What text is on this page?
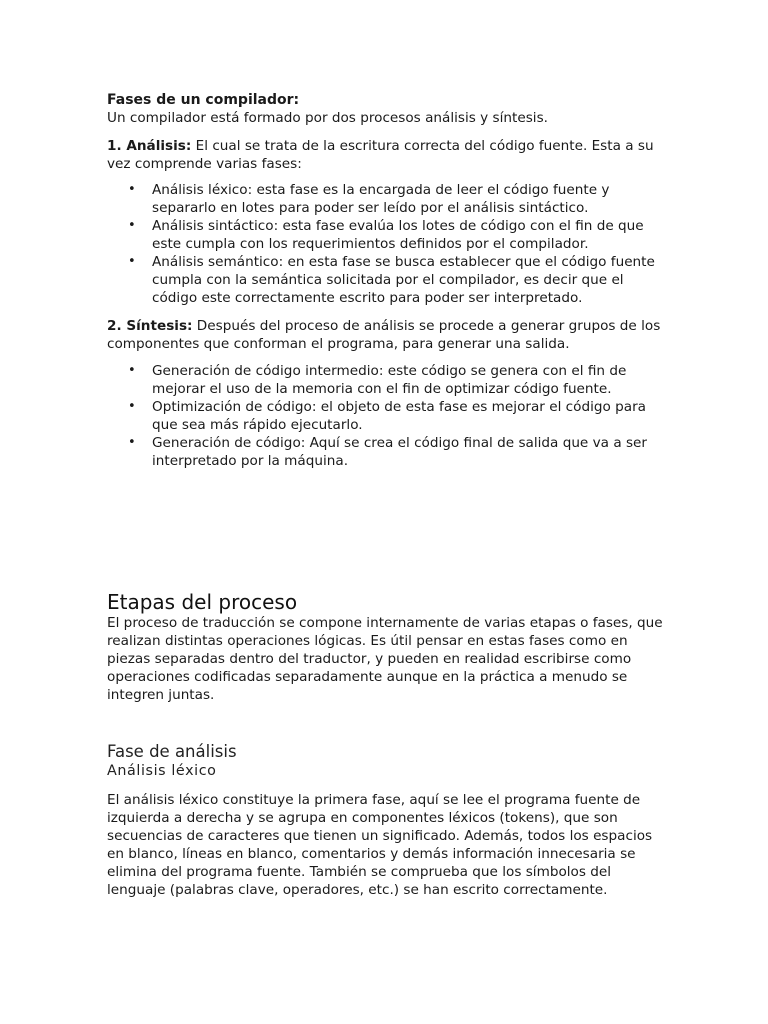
Fases de un compilador:

Un compilador está formado por dos procesos análisis y síntesis.

1. Análisis: El cual se trata de la escritura correcta del código fuente. Esta a su vez comprende varias fases:

• Análisis léxico: esta fase es la encargada de leer el código fuente y separarlo en lotes para poder ser leído por el análisis sintáctico.
• Análisis sintáctico: esta fase evalúa los lotes de código con el fin de que este cumpla con los requerimientos definidos por el compilador.
• Análisis semántico: en esta fase se busca establecer que el código fuente cumpla con la semántica solicitada por el compilador, es decir que el código este correctamente escrito para poder ser interpretado.

2. Síntesis: Después del proceso de análisis se procede a generar grupos de los componentes que conforman el programa, para generar una salida.

• Generación de código intermedio: este código se genera con el fin de mejorar el uso de la memoria con el fin de optimizar código fuente.
• Optimización de código: el objeto de esta fase es mejorar el código para que sea más rápido ejecutarlo.
• Generación de código: Aquí se crea el código final de salida que va a ser interpretado por la máquina.

Etapas del proceso

El proceso de traducción se compone internamente de varias etapas o fases, que realizan distintas operaciones lógicas. Es útil pensar en estas fases como en piezas separadas dentro del traductor, y pueden en realidad escribirse como operaciones codificadas separadamente aunque en la práctica a menudo se integren juntas.

Fase de análisis

Análisis léxico

El análisis léxico constituye la primera fase, aquí se lee el programa fuente de izquierda a derecha y se agrupa en componentes léxicos (tokens), que son secuencias de caracteres que tienen un significado. Además, todos los espacios en blanco, líneas en blanco, comentarios y demás información innecesaria se elimina del programa fuente. También se comprueba que los símbolos del lenguaje (palabras clave, operadores, etc.) se han escrito correctamente.
